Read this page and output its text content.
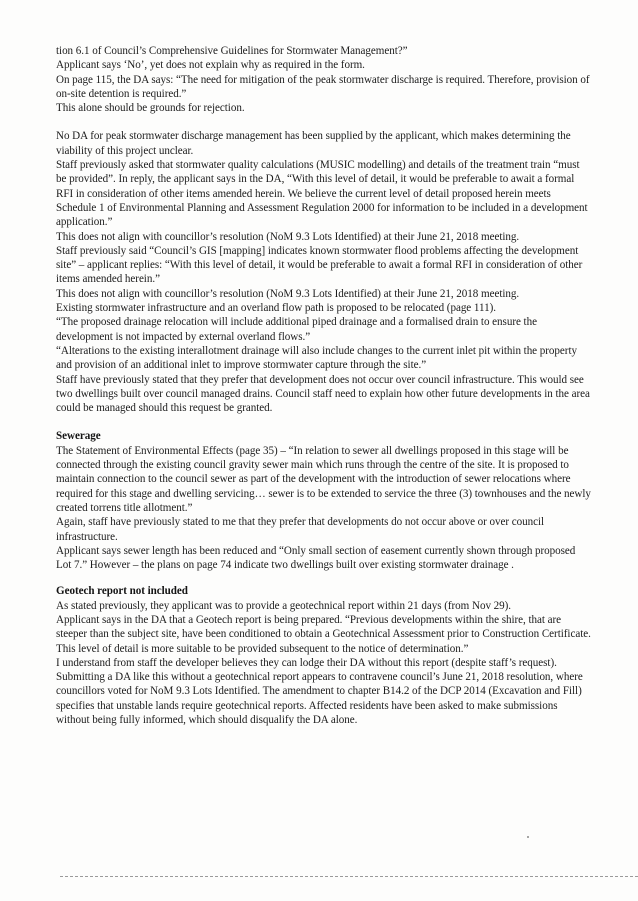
tion 6.1 of Council’s Comprehensive Guidelines for Stormwater Management?”

Applicant says ‘No’, yet does not explain why as required in the form.

On page 115, the DA says: “The need for mitigation of the peak stormwater discharge is required. Therefore, provision of on-site detention is required.”

This alone should be grounds for rejection.

No DA for peak stormwater discharge management has been supplied by the applicant, which makes determining the viability of this project unclear.

Staff previously asked that stormwater quality calculations (MUSIC modelling) and details of the treatment train “must be provided”. In reply, the applicant says in the DA, “With this level of detail, it would be preferable to await a formal RFI in consideration of other items amended herein. We believe the current level of detail proposed herein meets Schedule 1 of Environmental Planning and Assessment Regulation 2000 for information to be included in a development application.”

This does not align with councillor’s resolution (NoM 9.3 Lots Identified) at their June 21, 2018 meeting.

Staff previously said “Council’s GIS [mapping] indicates known stormwater flood problems affecting the development site” – applicant replies: “With this level of detail, it would be preferable to await a formal RFI in consideration of other items amended herein.”

This does not align with councillor’s resolution (NoM 9.3 Lots Identified) at their June 21, 2018 meeting.

Existing stormwater infrastructure and an overland flow path is proposed to be relocated (page 111).

“The proposed drainage relocation will include additional piped drainage and a formalised drain to ensure the development is not impacted by external overland flows.”

“Alterations to the existing interallotment drainage will also include changes to the current inlet pit within the property and provision of an additional inlet to improve stormwater capture through the site.”

Staff have previously stated that they prefer that development does not occur over council infrastructure. This would see two dwellings built over council managed drains. Council staff need to explain how other future developments in the area could be managed should this request be granted.

Sewerage

The Statement of Environmental Effects (page 35) – “In relation to sewer all dwellings proposed in this stage will be connected through the existing council gravity sewer main which runs through the centre of the site. It is proposed to maintain connection to the council sewer as part of the development with the introduction of sewer relocations where required for this stage and dwelling servicing… sewer is to be extended to service the three (3) townhouses and the newly created torrens title allotment.”

Again, staff have previously stated to me that they prefer that developments do not occur above or over council infrastructure.

Applicant says sewer length has been reduced and “Only small section of easement currently shown through proposed Lot 7.” However – the plans on page 74 indicate two dwellings built over existing stormwater drainage .

Geotech report not included

As stated previously, they applicant was to provide a geotechnical report within 21 days (from Nov 29).

Applicant says in the DA that a Geotech report is being prepared. “Previous developments within the shire, that are steeper than the subject site, have been conditioned to obtain a Geotechnical Assessment prior to Construction Certificate. This level of detail is more suitable to be provided subsequent to the notice of determination.”

I understand from staff the developer believes they can lodge their DA without this report (despite staff’s request).

Submitting a DA like this without a geotechnical report appears to contravene council’s June 21, 2018 resolution, where councillors voted for NoM 9.3 Lots Identified. The amendment to chapter B14.2 of the DCP 2014 (Excavation and Fill) specifies that unstable lands require geotechnical reports. Affected residents have been asked to make submissions without being fully informed, which should disqualify the DA alone.
